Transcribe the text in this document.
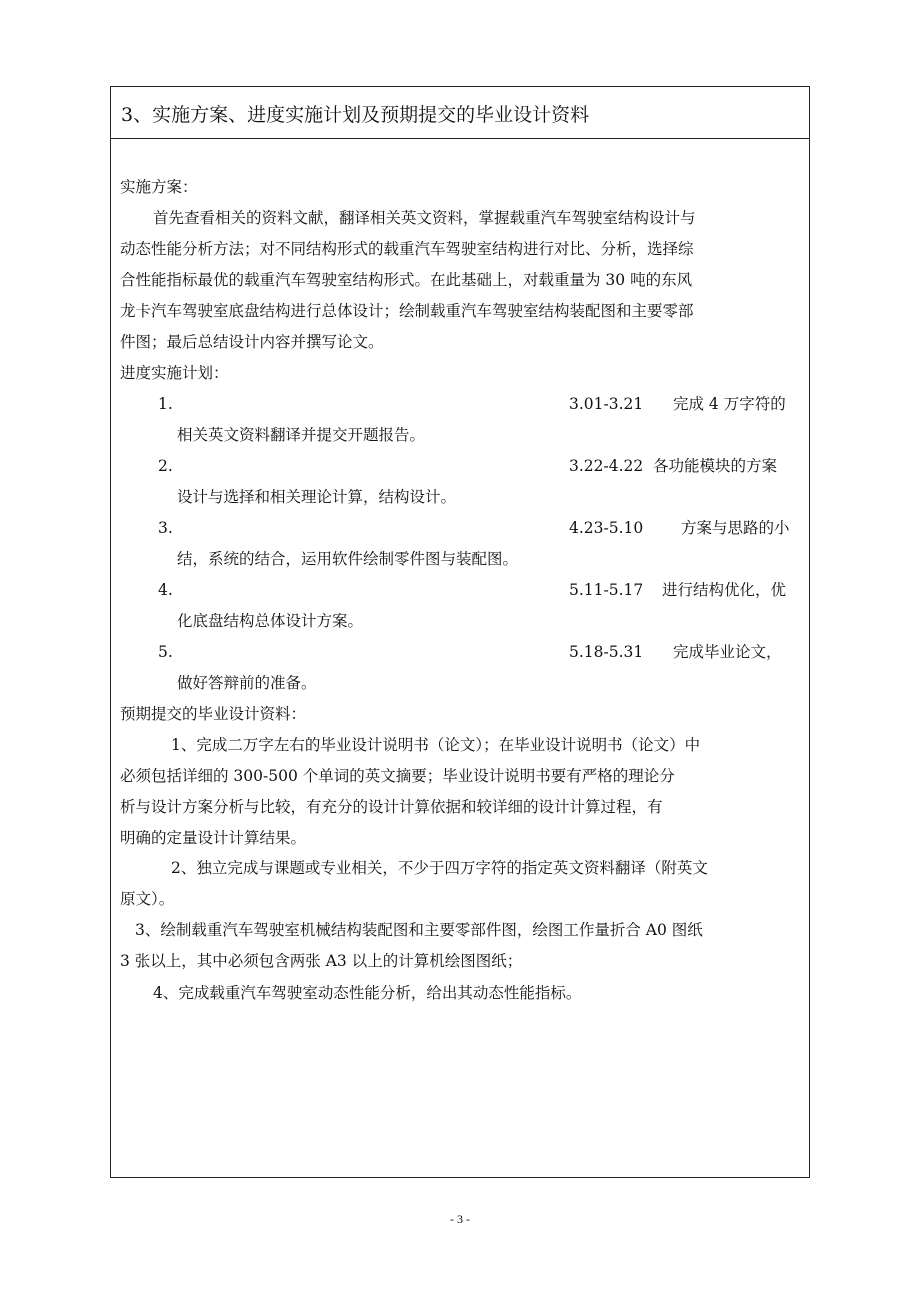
3、实施方案、进度实施计划及预期提交的毕业设计资料
实施方案：
首先查看相关的资料文献，翻译相关英文资料，掌握载重汽车驾驶室结构设计与
动态性能分析方法；对不同结构形式的载重汽车驾驶室结构进行对比、分析，选择综
合性能指标最优的载重汽车驾驶室结构形式。在此基础上，对载重量为 30 吨的东风
龙卡汽车驾驶室底盘结构进行总体设计；绘制载重汽车驾驶室结构装配图和主要零部
件图；最后总结设计内容并撰写论文。
进度实施计划：
1.	3.01-3.21 完成 4 万字符的
相关英文资料翻译并提交开题报告。
2.	3.22-4.22 各功能模块的方案
设计与选择和相关理论计算，结构设计。
3.	4.23-5.10 方案与思路的小
结，系统的结合，运用软件绘制零件图与装配图。
4.	5.11-5.17 进行结构优化，优
化底盘结构总体设计方案。
5.	5.18-5.31 完成毕业论文，
做好答辩前的准备。
预期提交的毕业设计资料：
1、完成二万字左右的毕业设计说明书（论文）；在毕业设计说明书（论文）中
必须包括详细的 300-500 个单词的英文摘要；毕业设计说明书要有严格的理论分
析与设计方案分析与比较，有充分的设计计算依据和较详细的设计计算过程，有
明确的定量设计计算结果。
2、独立完成与课题或专业相关，不少于四万字符的指定英文资料翻译（附英文
原文）。
3、绘制载重汽车驾驶室机械结构装配图和主要零部件图，绘图工作量折合 A0 图纸
3 张以上，其中必须包含两张 A3 以上的计算机绘图图纸；
4、完成载重汽车驾驶室动态性能分析，给出其动态性能指标。
- 3 -
